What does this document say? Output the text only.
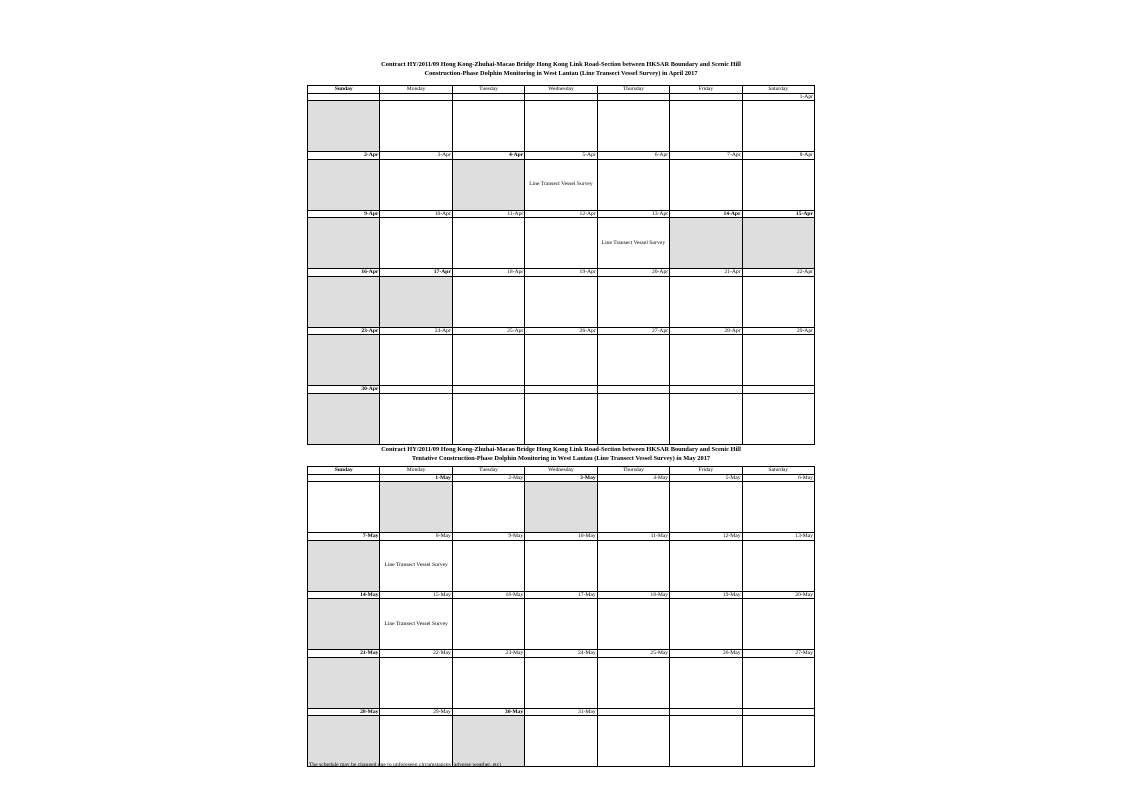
Contract HY/2011/09 Hong Kong-Zhuhai-Macao Bridge Hong Kong Link Road-Section between HKSAR Boundary and Scenic Hill
Construction-Phase Dolphin Monitoring in West Lantau (Line Transect Vessel Survey) in April 2017
Sunday	Monday	Tuesday	Wednesday	Thursday	Friday	Saturday
						1-Apr

2-Apr	3-Apr	4-Apr	5-Apr	6-Apr	7-Apr	8-Apr

			Line Transect Vessel Survey			

9-Apr	10-Apr	11-Apr	12-Apr	13-Apr	14-Apr	15-Apr

				Line Transect Vessel Survey		

16-Apr	17-Apr	18-Apr	19-Apr	20-Apr	21-Apr	22-Apr

23-Apr	24-Apr	25-Apr	26-Apr	27-Apr	28-Apr	29-Apr

30-Apr						

Contract HY/2011/09 Hong Kong-Zhuhai-Macao Bridge Hong Kong Link Road-Section between HKSAR Boundary and Scenic Hill
Tentative Construction-Phase Dolphin Monitoring in West Lantau (Line Transect Vessel Survey) in May 2017
Sunday	Monday	Tuesday	Wednesday	Thursday	Friday	Saturday
	1-May	2-May	3-May	4-May	5-May	6-May

7-May	8-May	9-May	10-May	11-May	12-May	13-May

	Line Transect Vessel Survey					

14-May	15-May	16-May	17-May	18-May	19-May	20-May

	Line Transect Vessel Survey					

21-May	22-May	23-May	24-May	25-May	26-May	27-May

28-May	29-May	30-May	31-May			

The schedule may be changed due to unforeseen circumstances (adverse weather, etc)
